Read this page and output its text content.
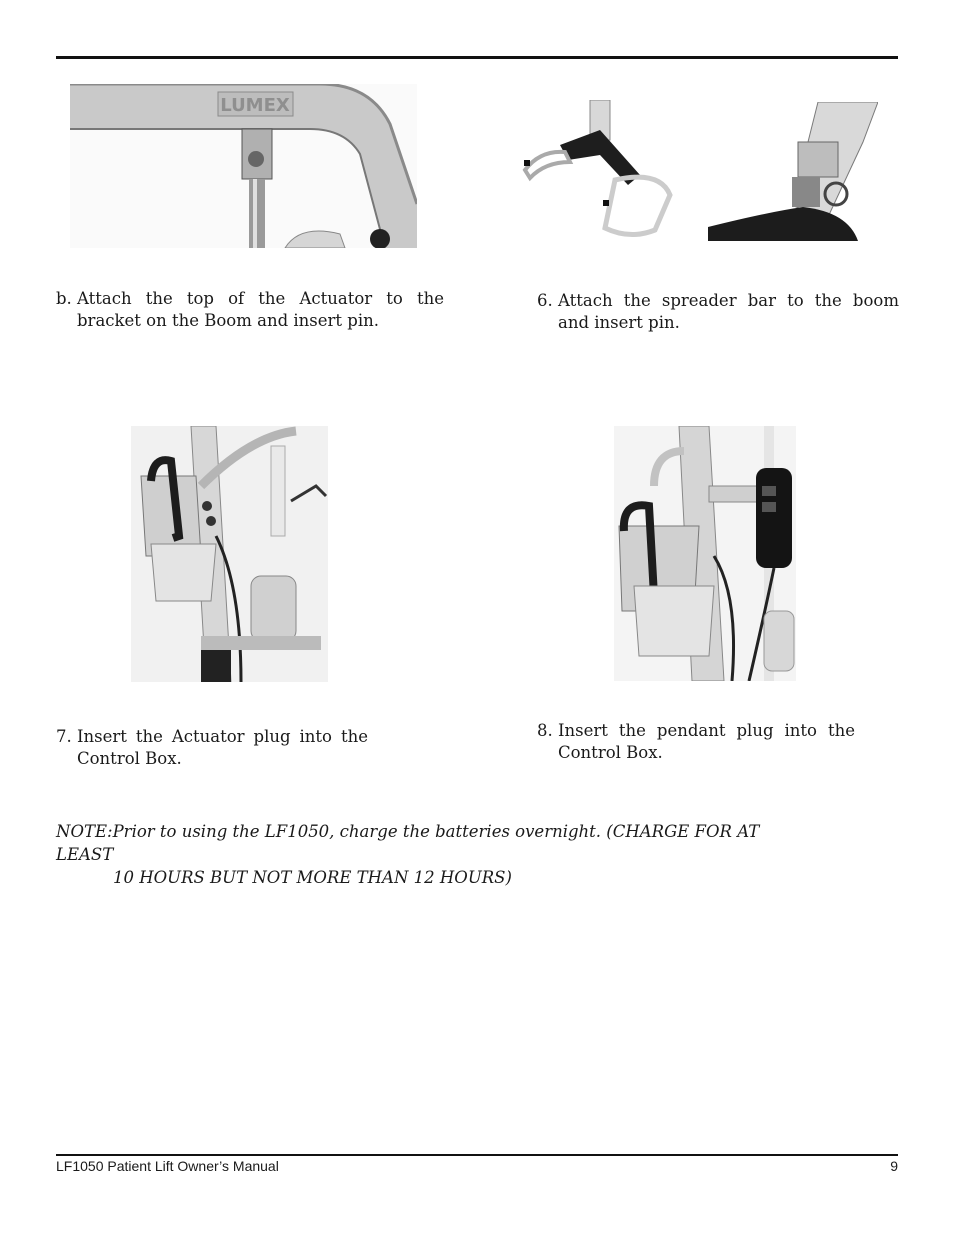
LUMEX
b. Attach the top of the Actuator to the bracket on the Boom and insert pin.
6. Attach the spreader bar to the boom and insert pin.
7. Insert the Actuator plug into the Control Box.
8. Insert the pendant plug into the Control Box.
NOTE:Prior to using the LF1050, charge the batteries overnight. (CHARGE FOR AT LEAST
10 HOURS BUT NOT MORE THAN 12 HOURS)
LF1050 Patient Lift Owner’s Manual	9
